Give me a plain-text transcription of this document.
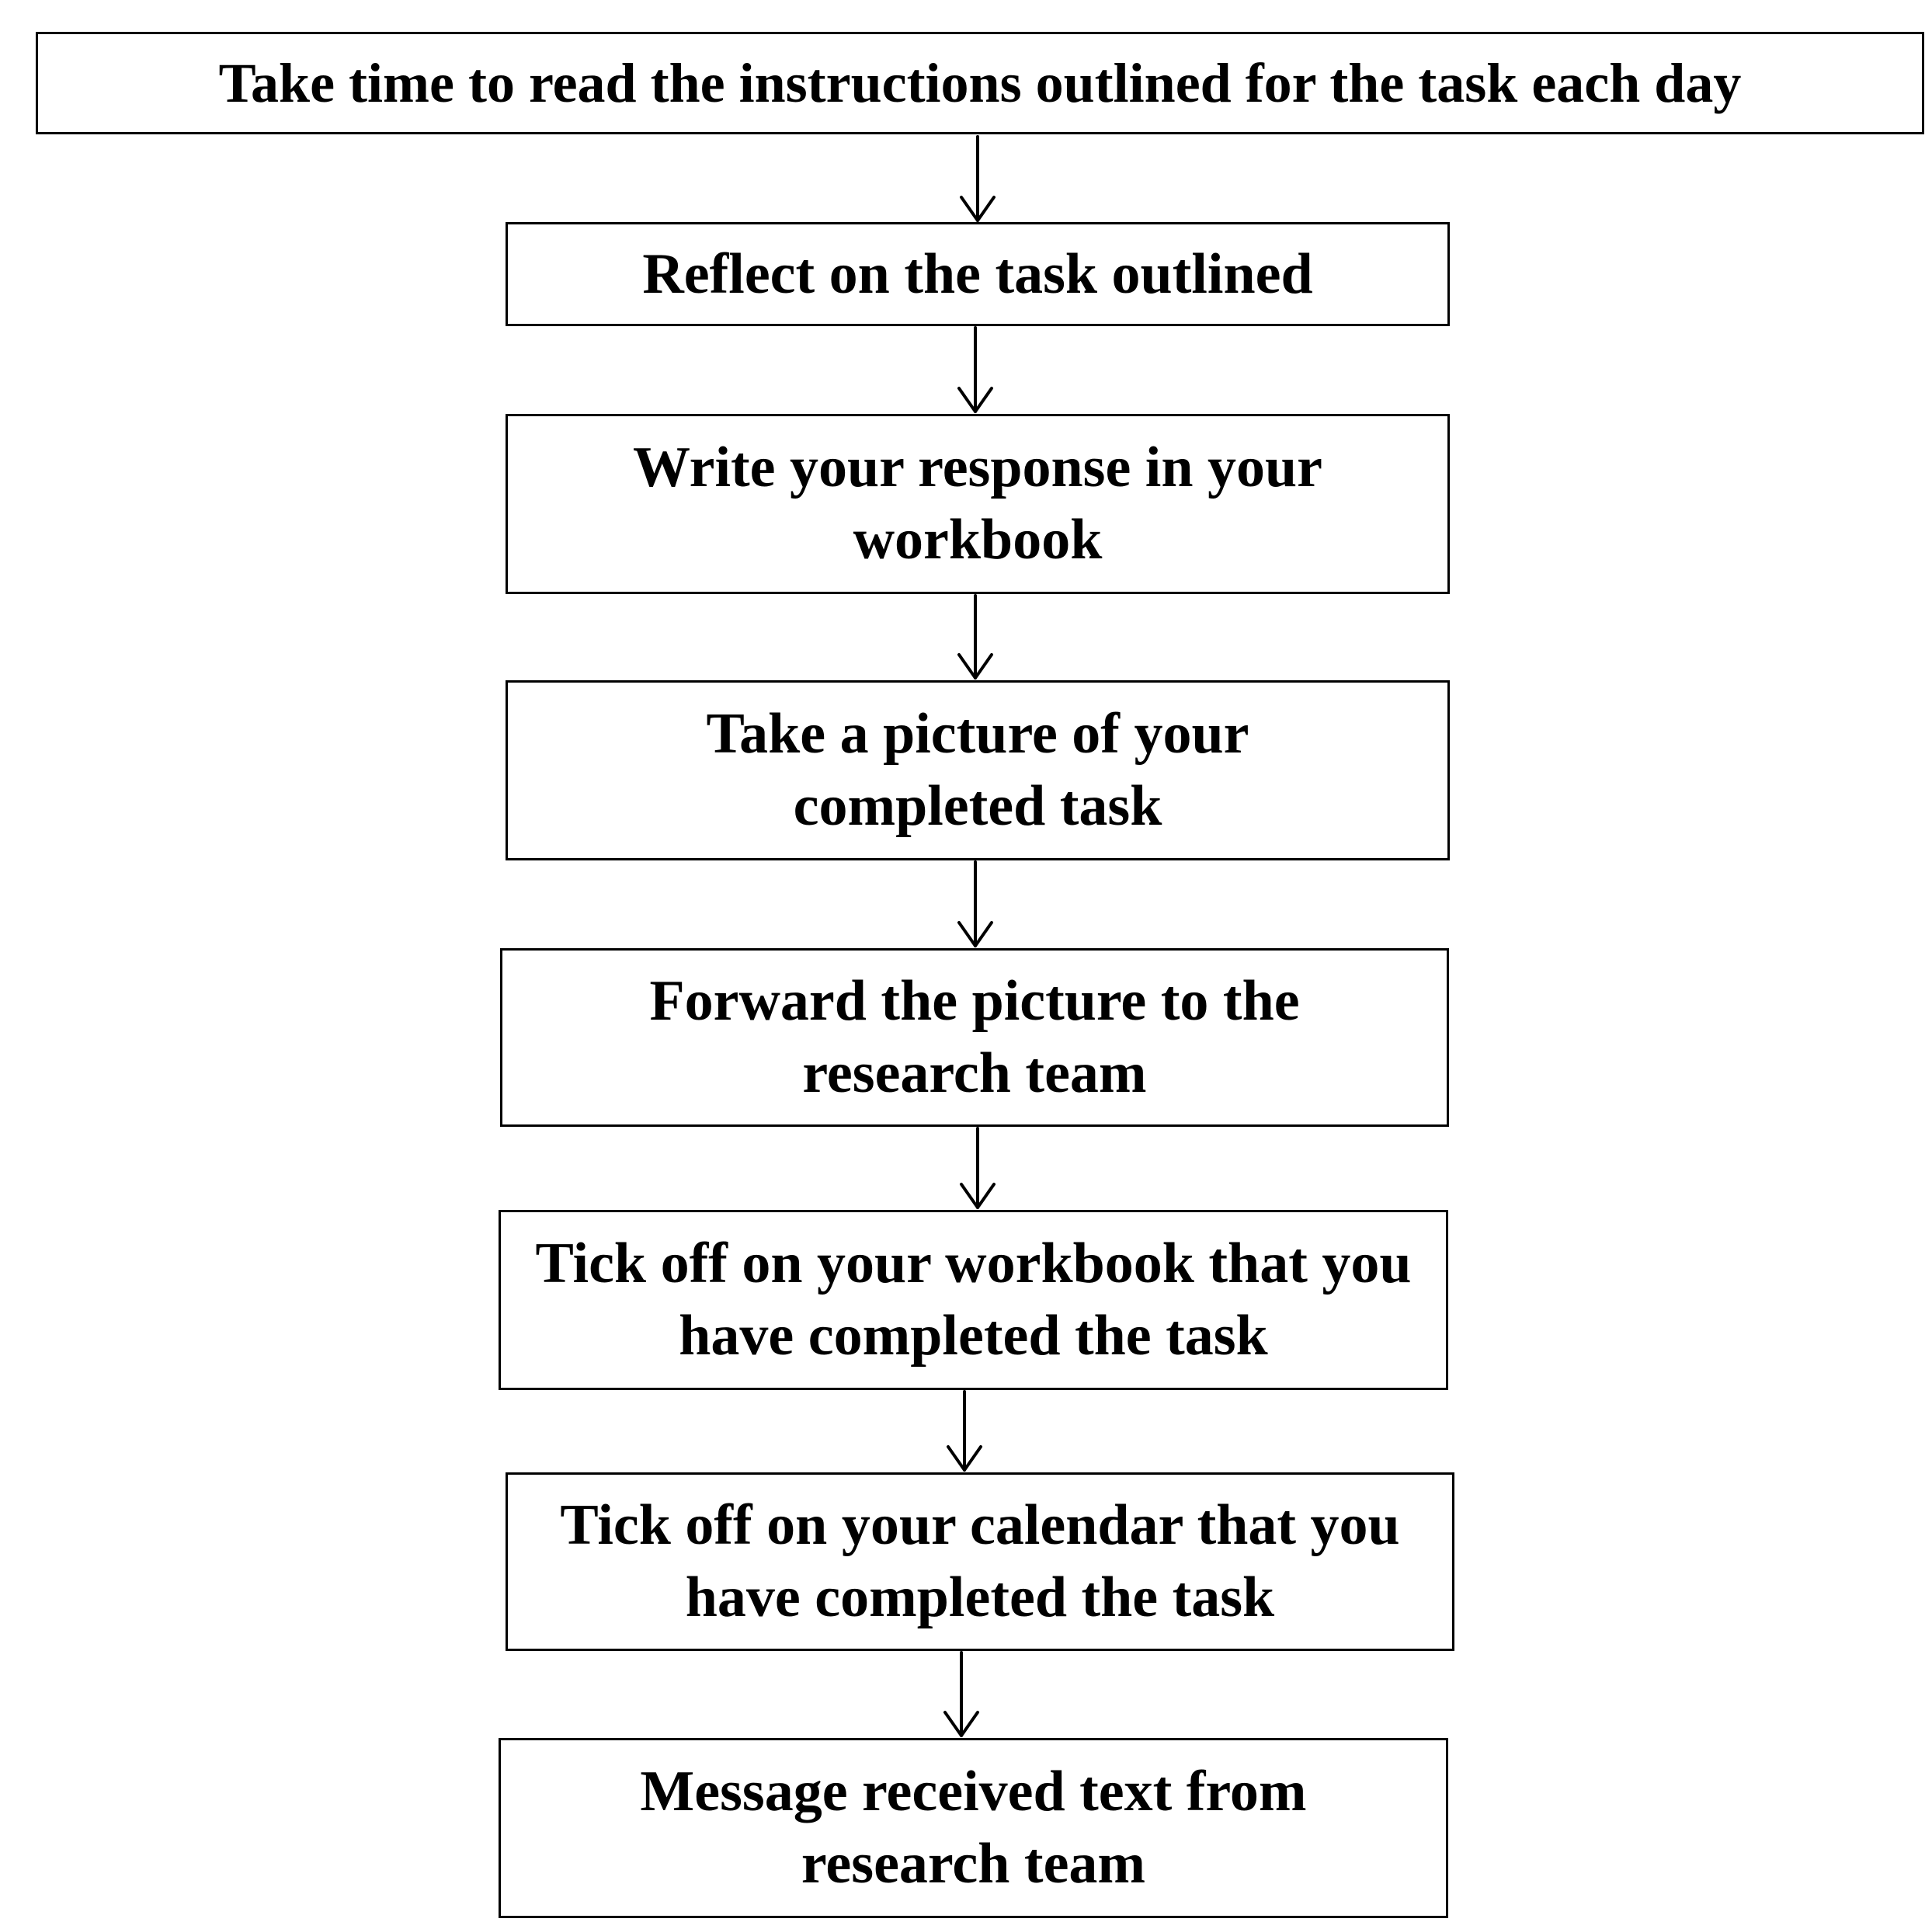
Take time to read the instructions outlined for the task each day
Reflect on the task outlined
Write your response in your workbook
Take a picture of your completed task
Forward the picture to the research team
Tick off on your workbook that you have completed the task
Tick off on your calendar that you have completed the task
Message received text from research team
